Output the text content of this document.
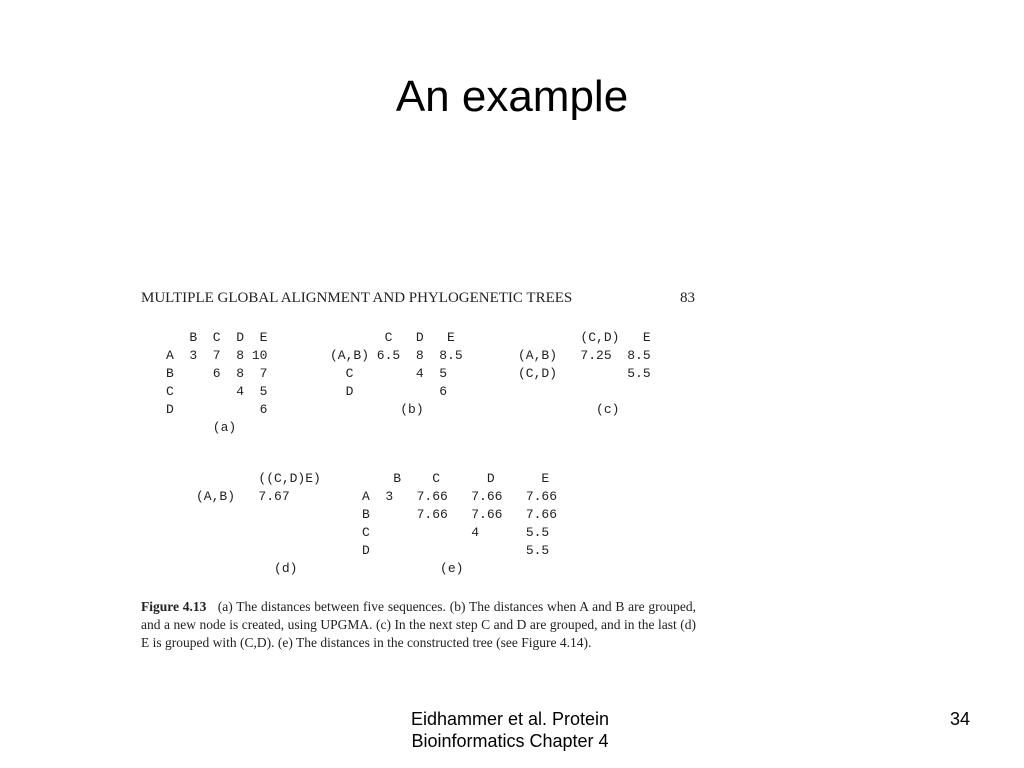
An example
MULTIPLE GLOBAL ALIGNMENT AND PHYLOGENETIC TREES	83
B  C  D  E
A  3  7  8 10
B     6  8  7
C        4  5
D           6
(a)
C   D   E
(A,B) 6.5  8  8.5
C        4  5
D           6
(b)
(C,D)   E
(A,B)   7.25  8.5
(C,D)         5.5

(c)
((C,D)E)
(A,B)   7.67

(d)
B    C      D      E
A  3   7.66   7.66   7.66
B      7.66   7.66   7.66
C             4      5.5
D                    5.5
(e)
Figure 4.13 (a) The distances between five sequences. (b) The distances when A and B are grouped, and a new node is created, using UPGMA. (c) In the next step C and D are grouped, and in the last (d) E is grouped with (C,D). (e) The distances in the constructed tree (see Figure 4.14).
Eidhammer et al. Protein
Bioinformatics Chapter 4
34
